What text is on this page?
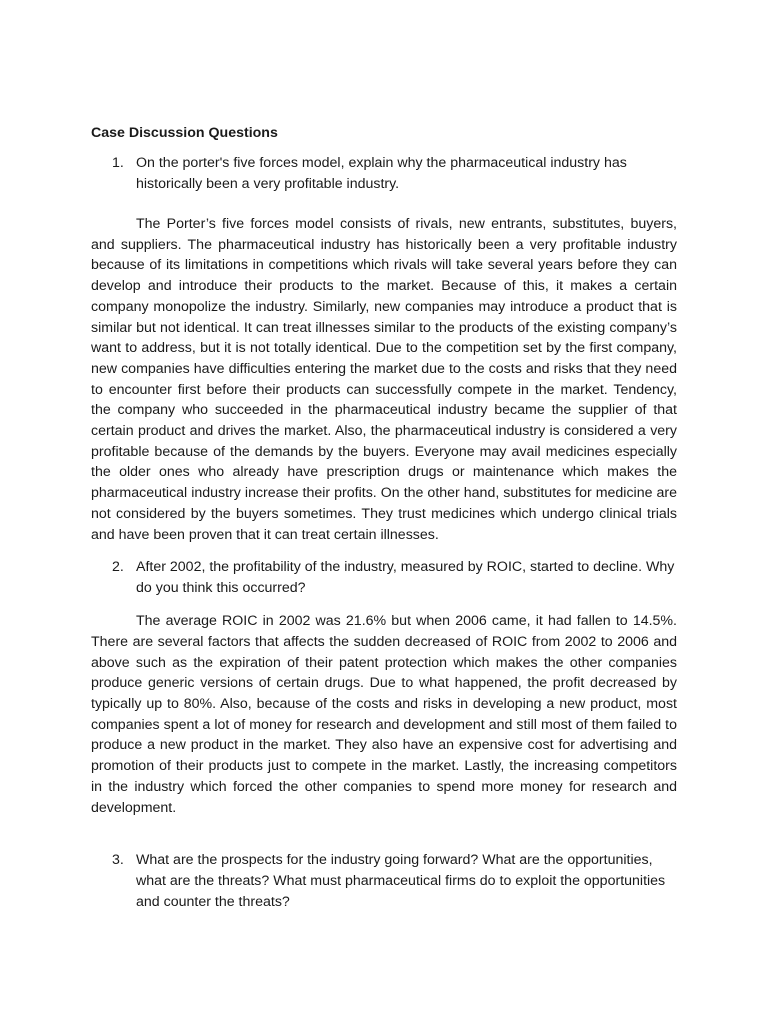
Case Discussion Questions
1. On the porter's five forces model, explain why the pharmaceutical industry has historically been a very profitable industry.

The Porter’s five forces model consists of rivals, new entrants, substitutes, buyers, and suppliers. The pharmaceutical industry has historically been a very profitable industry because of its limitations in competitions which rivals will take several years before they can develop and introduce their products to the market. Because of this, it makes a certain company monopolize the industry. Similarly, new companies may introduce a product that is similar but not identical. It can treat illnesses similar to the products of the existing company’s want to address, but it is not totally identical. Due to the competition set by the first company, new companies have difficulties entering the market due to the costs and risks that they need to encounter first before their products can successfully compete in the market. Tendency, the company who succeeded in the pharmaceutical industry became the supplier of that certain product and drives the market. Also, the pharmaceutical industry is considered a very profitable because of the demands by the buyers. Everyone may avail medicines especially the older ones who already have prescription drugs or maintenance which makes the pharmaceutical industry increase their profits. On the other hand, substitutes for medicine are not considered by the buyers sometimes. They trust medicines which undergo clinical trials and have been proven that it can treat certain illnesses.

2. After 2002, the profitability of the industry, measured by ROIC, started to decline. Why do you think this occurred?

The average ROIC in 2002 was 21.6% but when 2006 came, it had fallen to 14.5%. There are several factors that affects the sudden decreased of ROIC from 2002 to 2006 and above such as the expiration of their patent protection which makes the other companies produce generic versions of certain drugs. Due to what happened, the profit decreased by typically up to 80%. Also, because of the costs and risks in developing a new product, most companies spent a lot of money for research and development and still most of them failed to produce a new product in the market. They also have an expensive cost for advertising and promotion of their products just to compete in the market. Lastly, the increasing competitors in the industry which forced the other companies to spend more money for research and development.

3. What are the prospects for the industry going forward? What are the opportunities, what are the threats? What must pharmaceutical firms do to exploit the opportunities and counter the threats?
